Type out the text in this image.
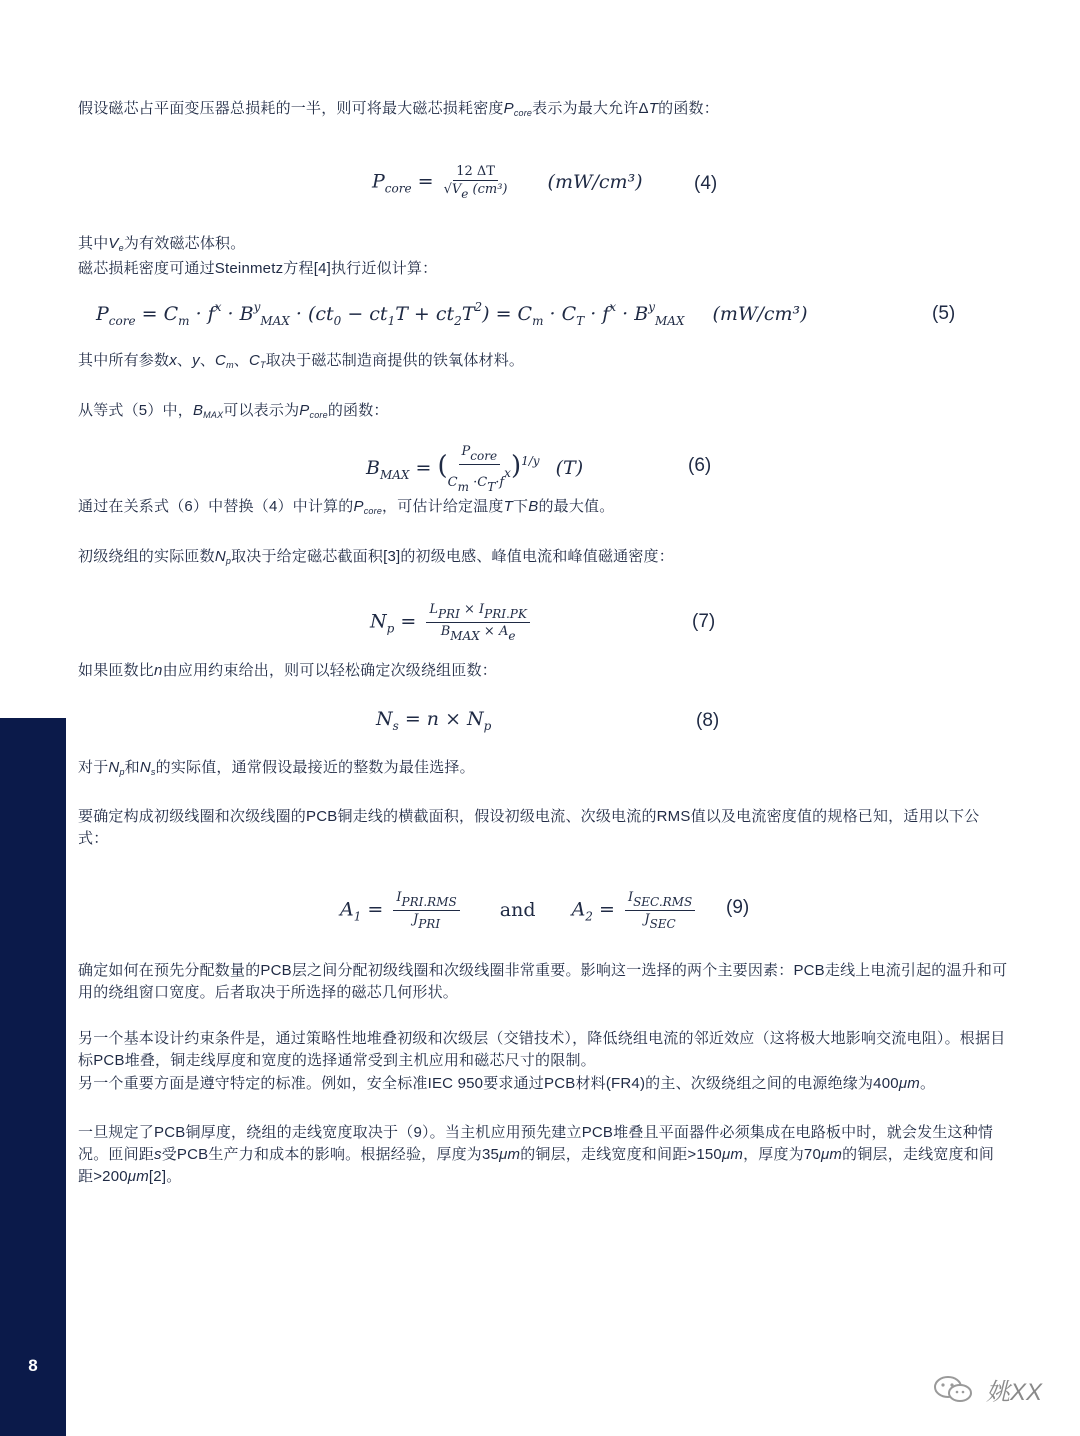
8
假设磁芯占平面变压器总损耗的一半，则可将最大磁芯损耗密度$P_{core}$表示为最大允许ΔT的函数：
$P_{core} = \frac{12 \Delta T}{√V_e (cm^3)} (mW/cm^3)$	(4)
其中$V_e$为有效磁芯体积。
磁芯损耗密度可通过Steinmetz方程[4]执行近似计算：
$P_{core} = C_m \cdot f^x \cdot B^y_{MAX} \cdot (ct_0 - ct_1T + ct_2T^2) = C_m \cdot C_T \cdot f^x \cdot B^y_{MAX}$ (mW/cm³)	(5)
其中所有参数x、y、$C_m$、$C_T$取决于磁芯制造商提供的铁氧体材料。
从等式（5）中，$B_{MAX}$可以表示为$P_{core}$的函数：
$B_{MAX}$ = ( $\frac{P_{core}}{C_m \cdot C_T\cdot f^x} )^{1/y}$ (T)	(6)
通过在关系式（6）中替换（4）中计算的$P_{core}$，可估计给定温度T下B的最大值。
初级绕组的实际匝数$N_p$取决于给定磁芯截面积[3]的初级电感、峰值电流和峰值磁通密度：
$N_p = \frac{L_{PRI} \times I_{PRI.PK}}{B_{MAX} \times A_e}$	(7)
如果匝数比n由应用约束给出，则可以轻松确定次级绕组匝数：
$N_s = n \times N_p$	(8)
对于$N_p$和$N_s$的实际值，通常假设最接近的整数为最佳选择。
要确定构成初级线圈和次级线圈的PCB铜走线的横截面积，假设初级电流、次级电流的RMS值以及电流密度值的规格已知，适用以下公式：
$A_1 = \frac{I_{PRI.RMS}}{J_{PRI}}$ and $A_2 = \frac{I_{SEC.RMS}}{J_{SEC}} (9)$
确定如何在预先分配数量的PCB层之间分配初级线圈和次级线圈非常重要。影响这一选择的两个主要因素：PCB走线上电流引起的温升和可用的绕组窗口宽度。后者取决于所选择的磁芯几何形状。
另一个基本设计约束条件是，通过策略性地堆叠初级和次级层（交错技术），降低绕组电流的邻近效应（这将极大地影响交流电阻）。根据目标PCB堆叠，铜走线厚度和宽度的选择通常受到主机应用和磁芯尺寸的限制。
另一个重要方面是遵守特定的标准。例如，安全标准IEC 950要求通过PCB材料(FR4)的主、次级绕组之间的电源绝缘为400μm。
一旦规定了PCB铜厚度，绕组的走线宽度取决于（9）。当主机应用预先建立PCB堆叠且平面器件必须集成在电路板中时，就会发生这种情况。匝间距s受PCB生产力和成本的影响。根据经验，厚度为35μm的铜层，走线宽度和间距>150μm，厚度为70μm的铜层，走线宽度和间距>200μm[2]。
姚XX
